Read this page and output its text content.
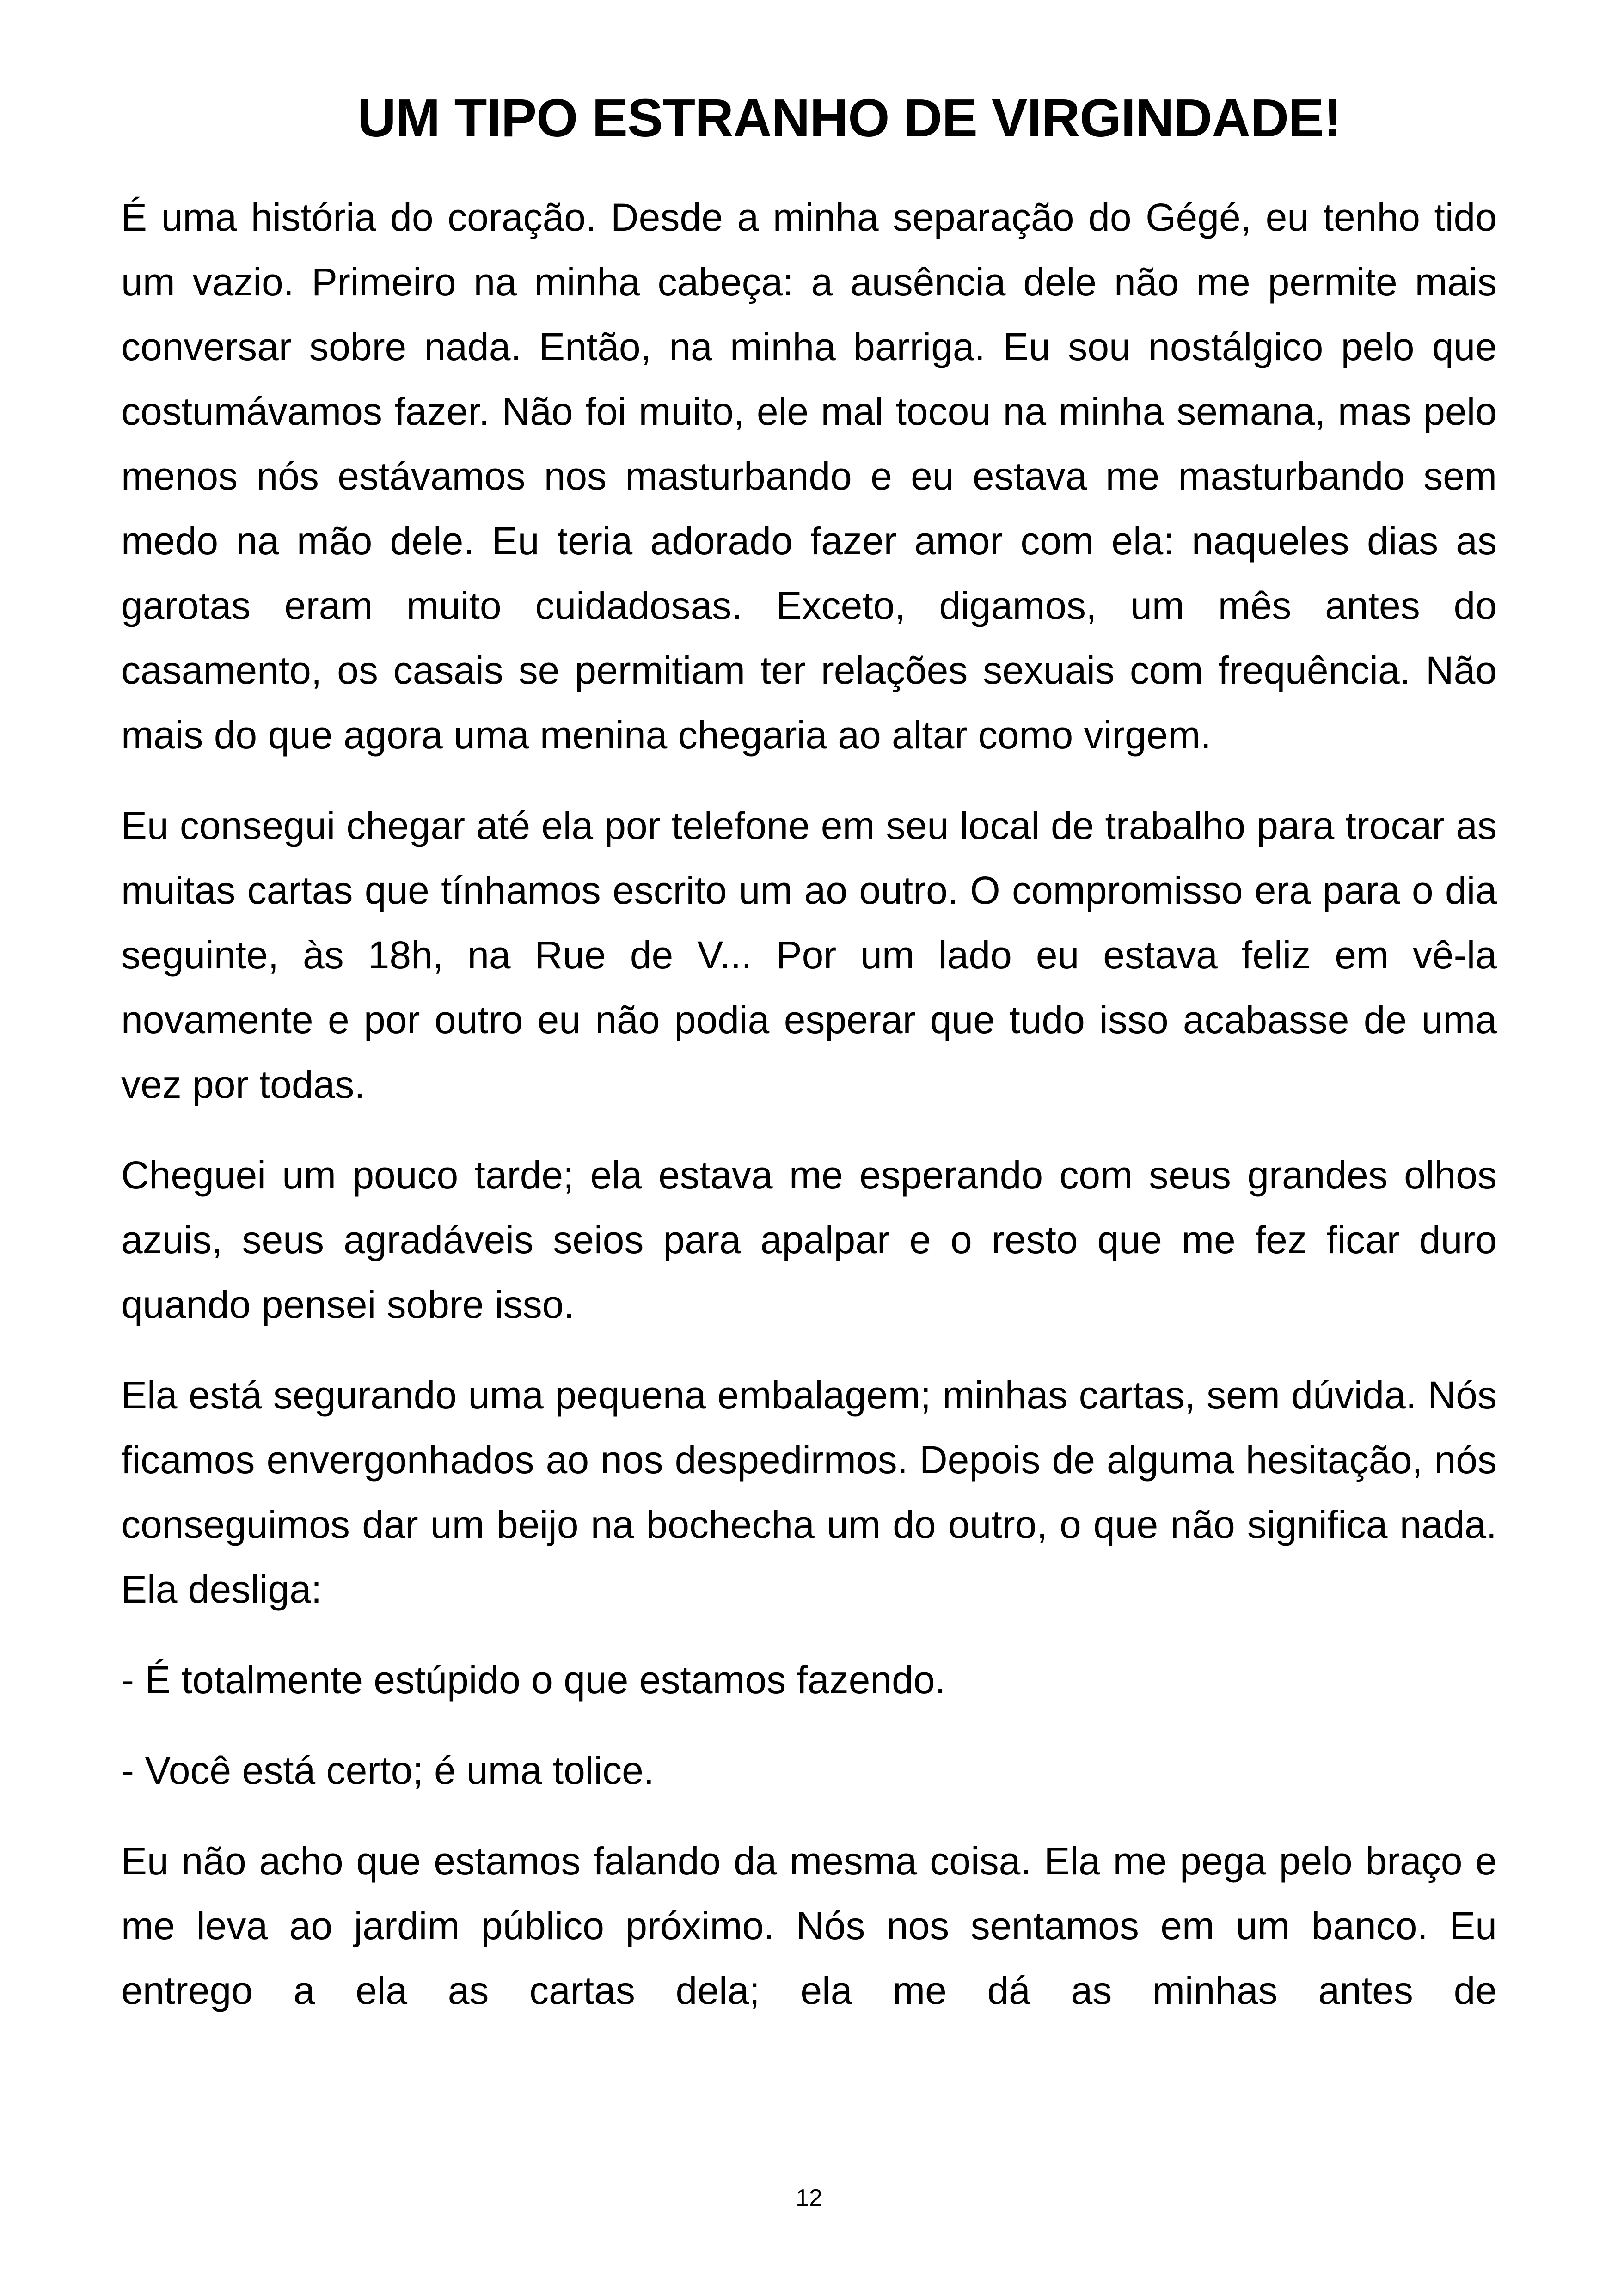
UM TIPO ESTRANHO DE VIRGINDADE!

É uma história do coração. Desde a minha separação do Gégé, eu tenho tido um vazio. Primeiro na minha cabeça: a ausência dele não me permite mais conversar sobre nada. Então, na minha barriga. Eu sou nostálgico pelo que costumávamos fazer. Não foi muito, ele mal tocou na minha semana, mas pelo menos nós estávamos nos masturbando e eu estava me masturbando sem medo na mão dele. Eu teria adorado fazer amor com ela: naqueles dias as garotas eram muito cuidadosas. Exceto, digamos, um mês antes do casamento, os casais se permitiam ter relações sexuais com frequência. Não mais do que agora uma menina chegaria ao altar como virgem.

Eu consegui chegar até ela por telefone em seu local de trabalho para trocar as muitas cartas que tínhamos escrito um ao outro. O compromisso era para o dia seguinte, às 18h, na Rue de V... Por um lado eu estava feliz em vê-la novamente e por outro eu não podia esperar que tudo isso acabasse de uma vez por todas.

Cheguei um pouco tarde; ela estava me esperando com seus grandes olhos azuis, seus agradáveis seios para apalpar e o resto que me fez ficar duro quando pensei sobre isso.

Ela está segurando uma pequena embalagem; minhas cartas, sem dúvida. Nós ficamos envergonhados ao nos despedirmos. Depois de alguma hesitação, nós conseguimos dar um beijo na bochecha um do outro, o que não significa nada. Ela desliga:

- É totalmente estúpido o que estamos fazendo.

- Você está certo; é uma tolice.

Eu não acho que estamos falando da mesma coisa. Ela me pega pelo braço e me leva ao jardim público próximo. Nós nos sentamos em um banco. Eu entrego a ela as cartas dela; ela me dá as minhas antes de

12
